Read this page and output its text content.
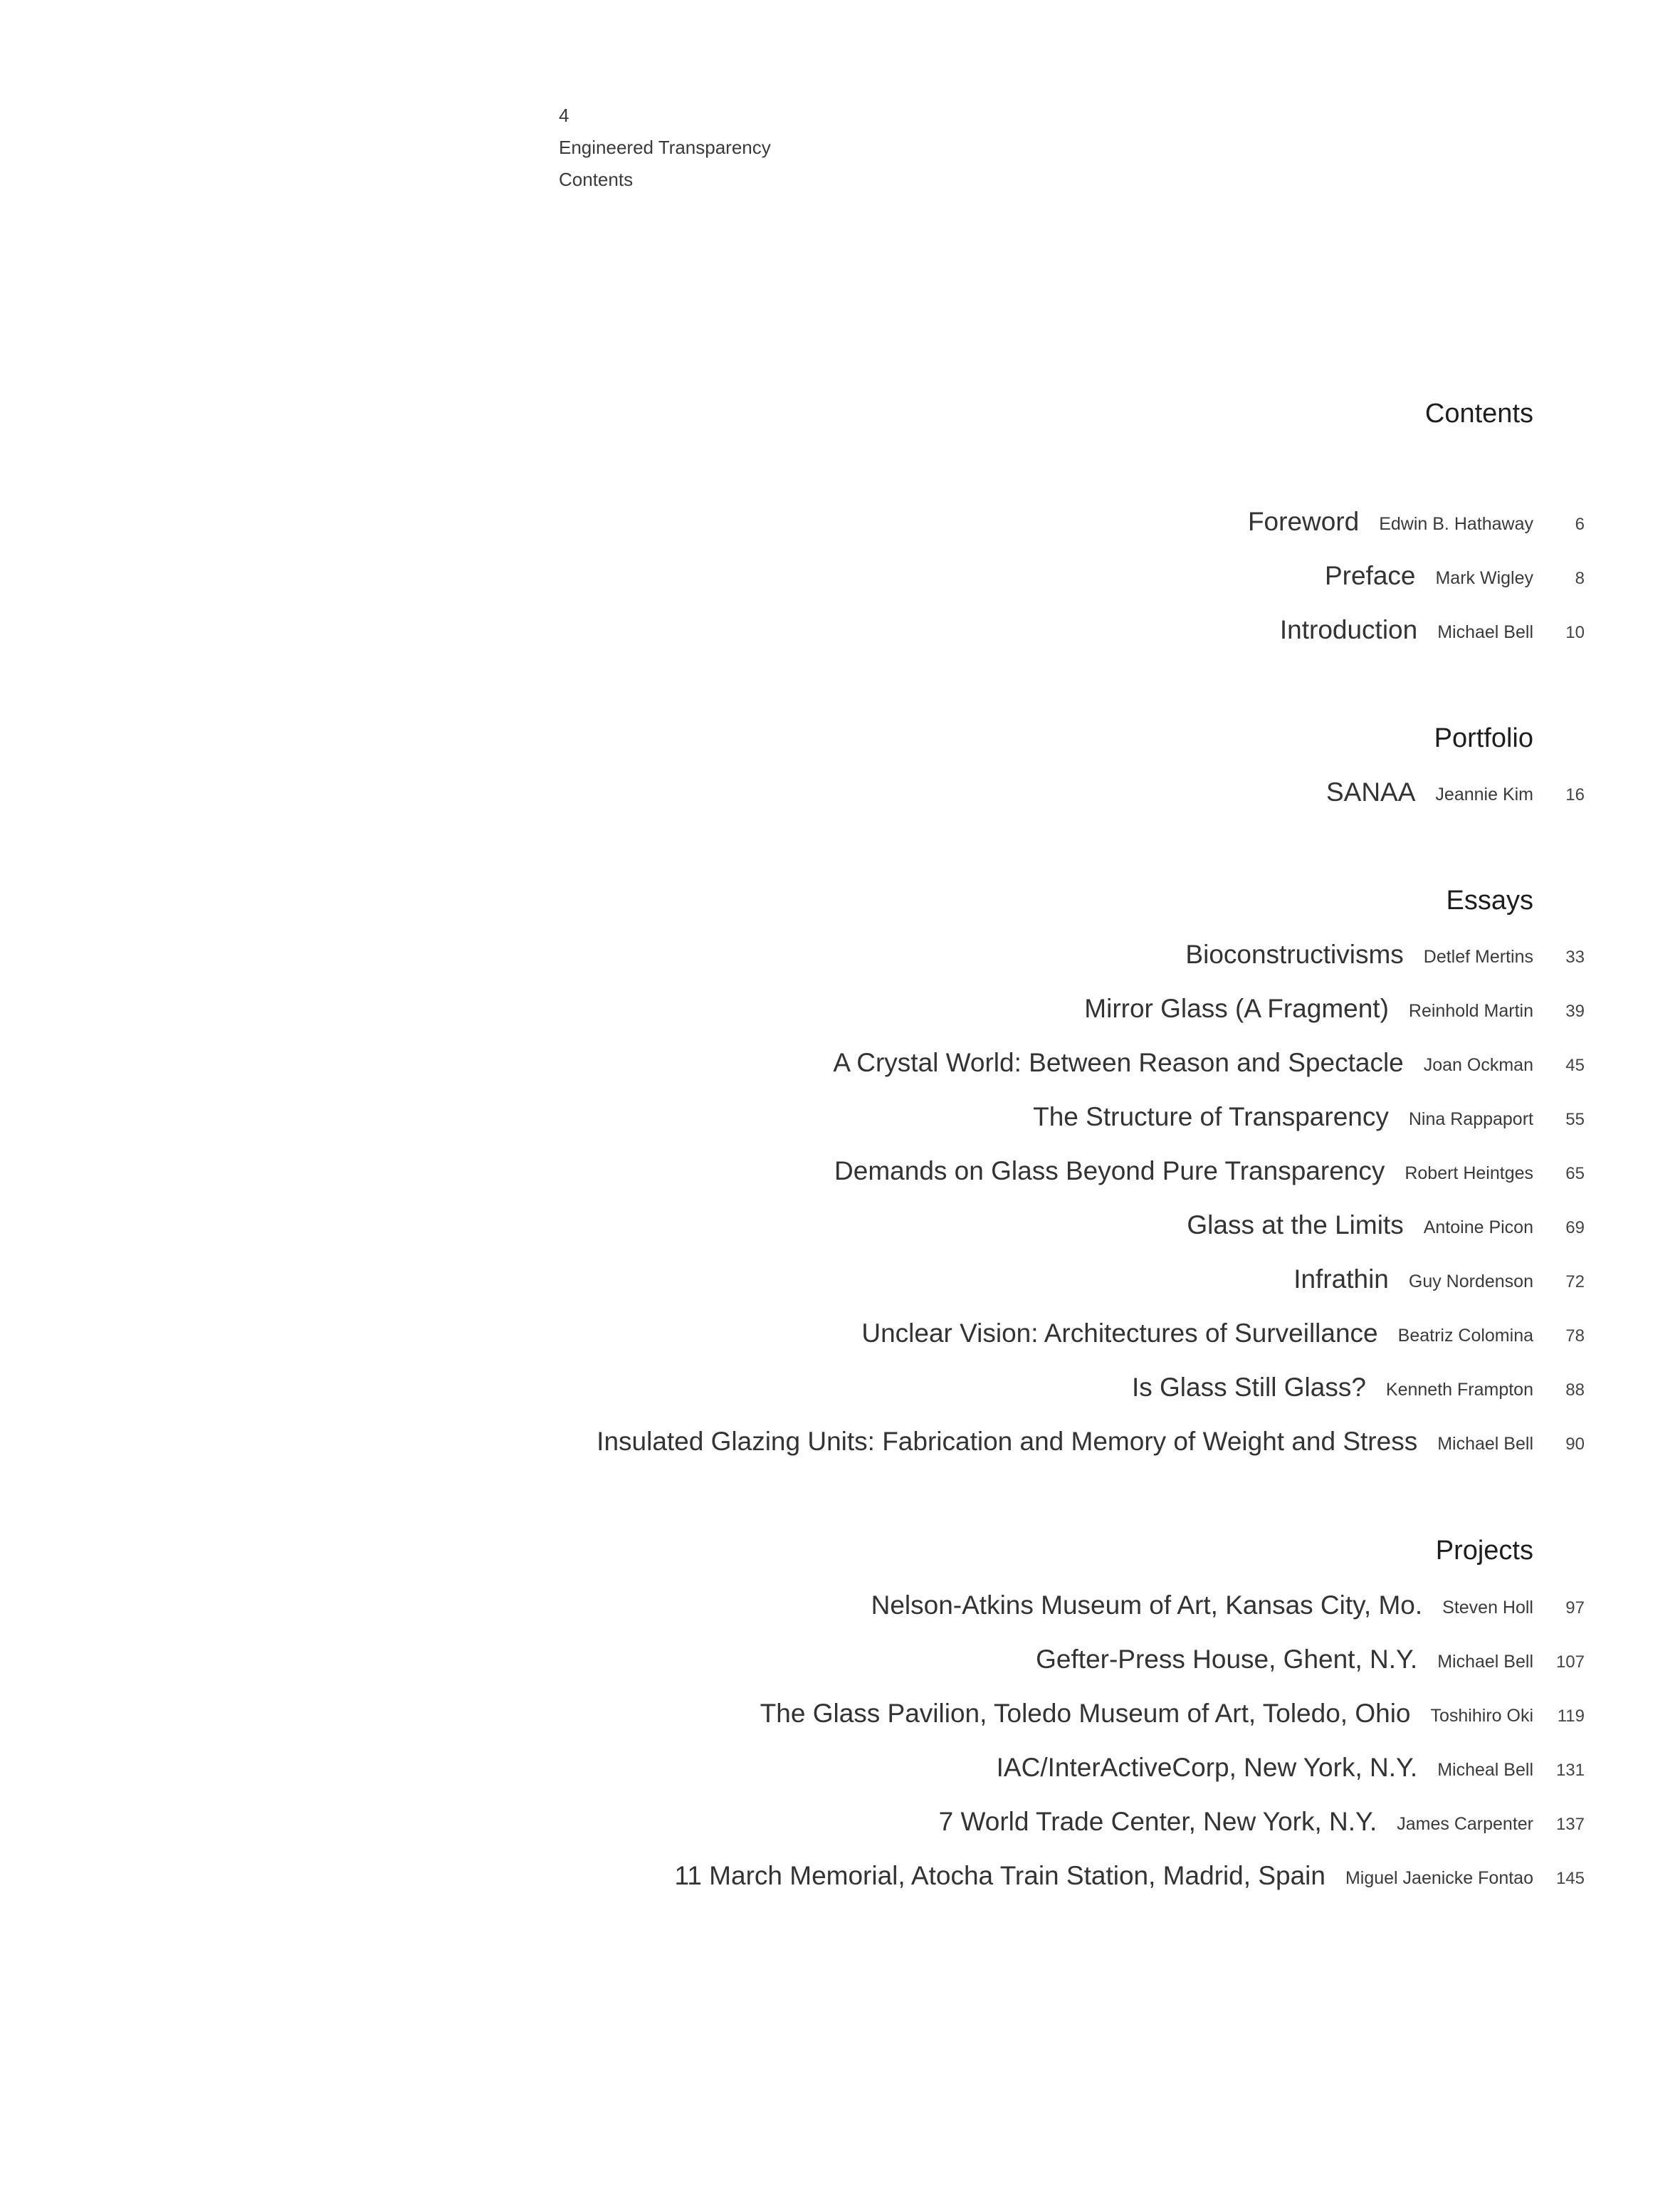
4
Engineered Transparency
Contents
Contents
Foreword Edwin B. Hathaway 6
Preface Mark Wigley 8
Introduction Michael Bell 10
Portfolio
SANAA Jeannie Kim 16
Essays
Bioconstructivisms Detlef Mertins 33
Mirror Glass (A Fragment) Reinhold Martin 39
A Crystal World: Between Reason and Spectacle Joan Ockman 45
The Structure of Transparency Nina Rappaport 55
Demands on Glass Beyond Pure Transparency Robert Heintges 65
Glass at the Limits Antoine Picon 69
Infrathin Guy Nordenson 72
Unclear Vision: Architectures of Surveillance Beatriz Colomina 78
Is Glass Still Glass? Kenneth Frampton 88
Insulated Glazing Units: Fabrication and Memory of Weight and Stress Michael Bell 90
Projects
Nelson-Atkins Museum of Art, Kansas City, Mo. Steven Holl 97
Gefter-Press House, Ghent, N.Y. Michael Bell 107
The Glass Pavilion, Toledo Museum of Art, Toledo, Ohio Toshihiro Oki 119
IAC/InterActiveCorp, New York, N.Y. Micheal Bell 131
7 World Trade Center, New York, N.Y. James Carpenter 137
11 March Memorial, Atocha Train Station, Madrid, Spain Miguel Jaenicke Fontao 145
